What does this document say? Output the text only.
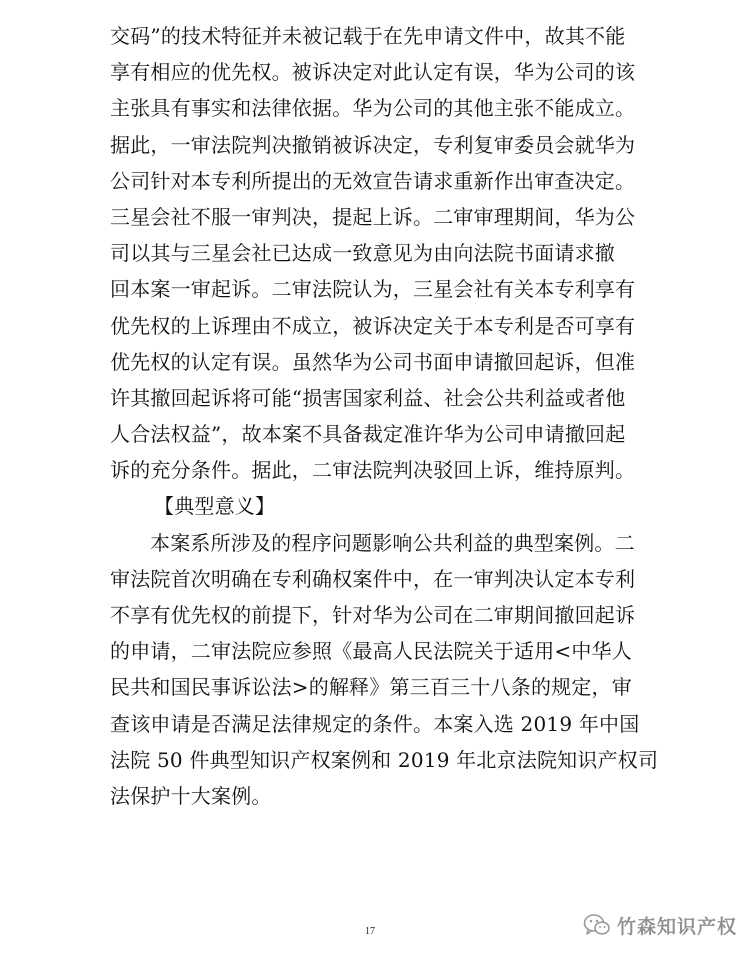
交码”的技术特征并未被记载于在先申请文件中，故其不能
享有相应的优先权。被诉决定对此认定有误，华为公司的该
主张具有事实和法律依据。华为公司的其他主张不能成立。
据此，一审法院判决撤销被诉决定，专利复审委员会就华为
公司针对本专利所提出的无效宣告请求重新作出审查决定。
三星会社不服一审判决，提起上诉。二审审理期间，华为公
司以其与三星会社已达成一致意见为由向法院书面请求撤
回本案一审起诉。二审法院认为，三星会社有关本专利享有
优先权的上诉理由不成立，被诉决定关于本专利是否可享有
优先权的认定有误。虽然华为公司书面申请撤回起诉，但准
许其撤回起诉将可能“损害国家利益、社会公共利益或者他
人合法权益”，故本案不具备裁定准许华为公司申请撤回起
诉的充分条件。据此，二审法院判决驳回上诉，维持原判。
【典型意义】
本案系所涉及的程序问题影响公共利益的典型案例。二
审法院首次明确在专利确权案件中，在一审判决认定本专利
不享有优先权的前提下，针对华为公司在二审期间撤回起诉
的申请，二审法院应参照《最高人民法院关于适用<中华人
民共和国民事诉讼法>的解释》第三百三十八条的规定，审
查该申请是否满足法律规定的条件。本案入选 2019 年中国
法院 50 件典型知识产权案例和 2019 年北京法院知识产权司
法保护十大案例。
17	竹森知识产权
